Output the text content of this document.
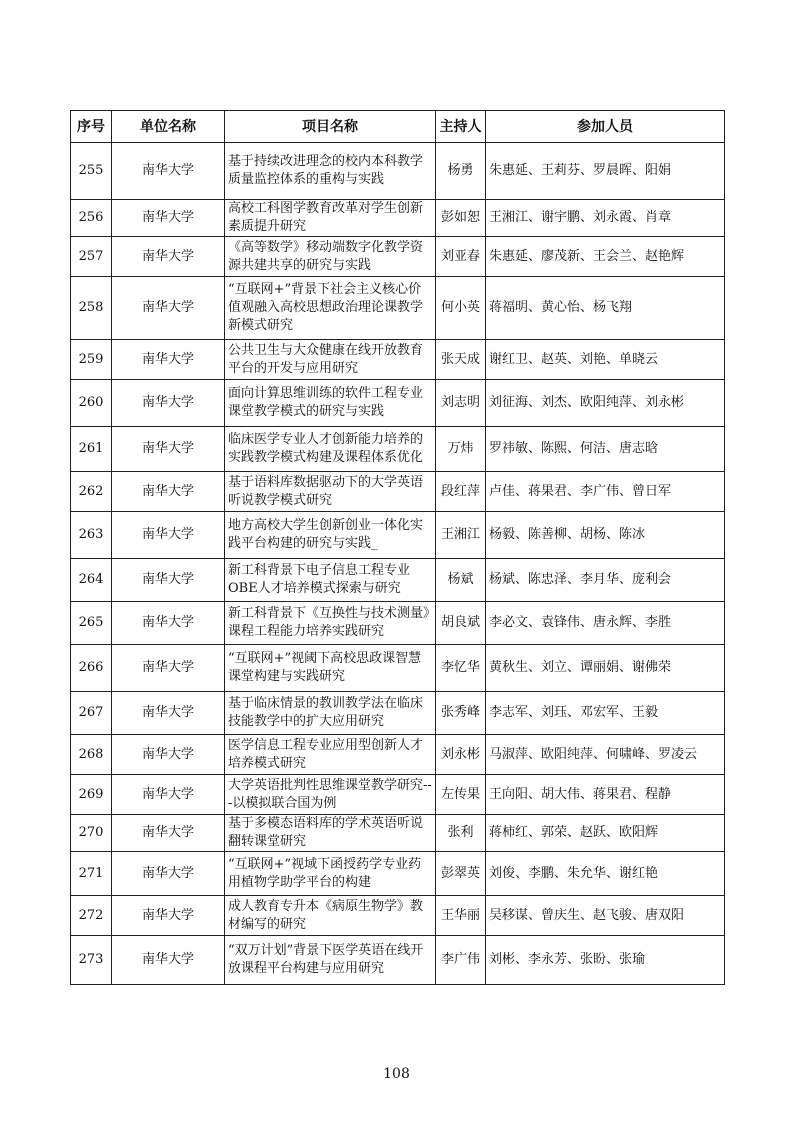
序号	单位名称	项目名称	主持人	参加人员
255	南华大学	基于持续改进理念的校内本科教学质量监控体系的重构与实践	杨勇	朱惠延、王莉芬、罗晨晖、阳娟
256	南华大学	高校工科图学教育改革对学生创新素质提升研究	彭如恕	王湘江、谢宇鹏、刘永霞、肖章
257	南华大学	《高等数学》移动端数字化教学资源共建共享的研究与实践	刘亚春	朱惠延、廖茂新、王会兰、赵艳辉
258	南华大学	“互联网+”背景下社会主义核心价值观融入高校思想政治理论课教学新模式研究	何小英	蒋福明、黄心怡、杨飞翔
259	南华大学	公共卫生与大众健康在线开放教育平台的开发与应用研究	张天成	谢红卫、赵英、刘艳、单晓云
260	南华大学	面向计算思维训练的软件工程专业课堂教学模式的研究与实践	刘志明	刘征海、刘杰、欧阳纯萍、刘永彬
261	南华大学	临床医学专业人才创新能力培养的实践教学模式构建及课程体系优化	万炜	罗祎敏、陈熙、何洁、唐志晗
262	南华大学	基于语料库数据驱动下的大学英语听说教学模式研究	段红萍	卢佳、蒋果君、李广伟、曾日军
263	南华大学	地方高校大学生创新创业一体化实践平台构建的研究与实践_	王湘江	杨毅、陈善柳、胡杨、陈冰
264	南华大学	新工科背景下电子信息工程专业OBE人才培养模式探索与研究	杨斌	杨斌、陈忠泽、李月华、庞利会
265	南华大学	新工科背景下《互换性与技术测量》课程工程能力培养实践研究	胡良斌	李必文、袁锋伟、唐永辉、李胜
266	南华大学	“互联网+”视阈下高校思政课智慧课堂构建与实践研究	李忆华	黄秋生、刘立、谭丽娟、谢佛荣
267	南华大学	基于临床情景的教训教学法在临床技能教学中的扩大应用研究	张秀峰	李志军、刘珏、邓宏军、王毅
268	南华大学	医学信息工程专业应用型创新人才培养模式研究	刘永彬	马淑萍、欧阳纯萍、何啸峰、罗凌云
269	南华大学	大学英语批判性思维课堂教学研究---以模拟联合国为例	左传果	王向阳、胡大伟、蒋果君、程静
270	南华大学	基于多模态语料库的学术英语听说翻转课堂研究	张利	蒋柿红、郭荣、赵跃、欧阳辉
271	南华大学	“互联网+”视域下函授药学专业药用植物学助学平台的构建	彭翠英	刘俊、李鹏、朱允华、谢红艳
272	南华大学	成人教育专升本《病原生物学》教材编写的研究	王华丽	吴移谋、曾庆生、赵飞骏、唐双阳
273	南华大学	“双万计划”背景下医学英语在线开放课程平台构建与应用研究	李广伟	刘彬、李永芳、张盼、张瑜
108
